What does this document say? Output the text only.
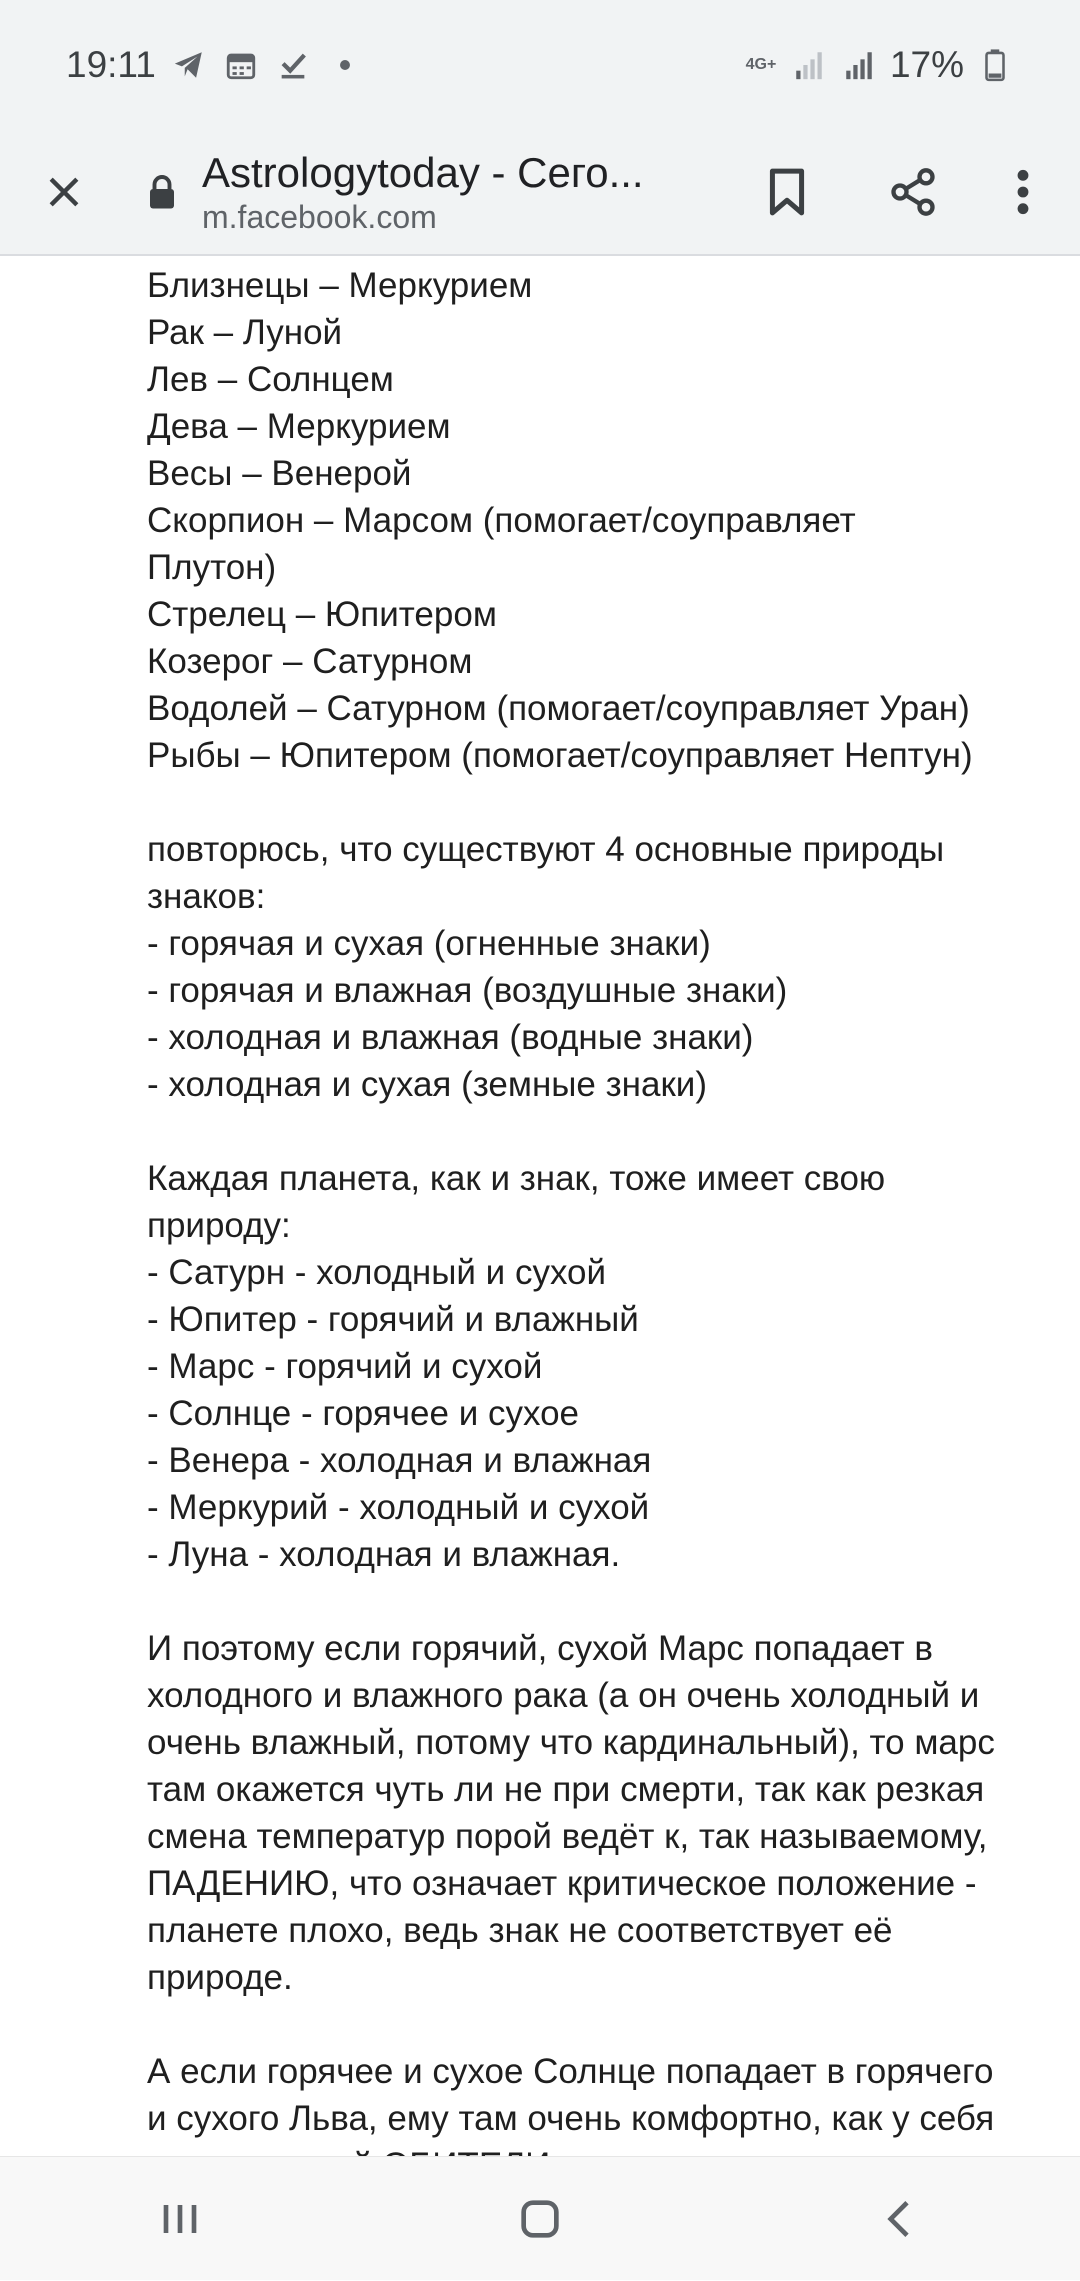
19:11	4G+	17%
Astrologytoday - Сего...
m.facebook.com
Близнецы – Меркурием
Рак – Луной
Лев – Солнцем
Дева – Меркурием
Весы – Венерой
Скорпион – Марсом (помогает/соуправляет
Плутон)
Стрелец – Юпитером
Козерог – Сатурном
Водолей – Сатурном (помогает/соуправляет Уран)
Рыбы – Юпитером (помогает/соуправляет Нептун)
повторюсь, что существуют 4 основные природы
знаков:
- горячая и сухая (огненные знаки)
- горячая и влажная (воздушные знаки)
- холодная и влажная (водные знаки)
- холодная и сухая (земные знаки)
Каждая планета, как и знак, тоже имеет свою
природу:
- Сатурн - холодный и сухой
- Юпитер - горячий и влажный
- Марс - горячий и сухой
- Солнце - горячее и сухое
- Венера - холодная и влажная
- Меркурий - холодный и сухой
- Луна - холодная и влажная.
И поэтому если горячий, сухой Марс попадает в
холодного и влажного рака (а он очень холодный и
очень влажный, потому что кардинальный), то марс
там окажется чуть ли не при смерти, так как резкая
смена температур порой ведёт к, так называемому,
ПАДЕНИЮ, что означает критическое положение -
планете плохо, ведь знак не соответствует её
природе.
А если горячее и сухое Солнце попадает в горячего
и сухого Льва, ему там очень комфортно, как у себя
